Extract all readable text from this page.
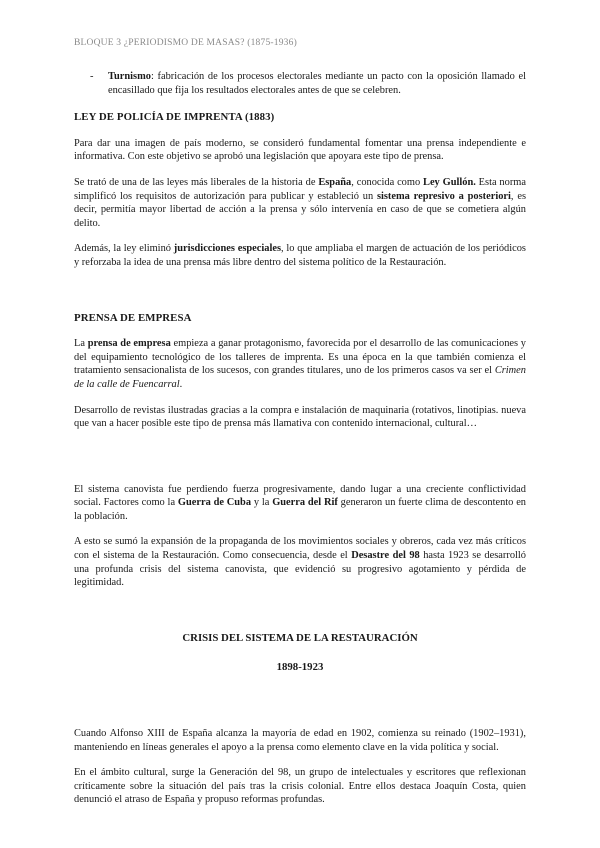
BLOQUE 3 ¿PERIODISMO DE MASAS? (1875-1936)
-	Turnismo: fabricación de los procesos electorales mediante un pacto con la oposición llamado el encasillado que fija los resultados electorales antes de que se celebren.
LEY DE POLICÍA DE IMPRENTA (1883)

Para dar una imagen de país moderno, se consideró fundamental fomentar una prensa independiente e informativa. Con este objetivo se aprobó una legislación que apoyara este tipo de prensa.

Se trató de una de las leyes más liberales de la historia de España, conocida como Ley Gullón. Esta norma simplificó los requisitos de autorización para publicar y estableció un sistema represivo a posteriori, es decir, permitía mayor libertad de acción a la prensa y sólo intervenía en caso de que se cometiera algún delito.

Además, la ley eliminó jurisdicciones especiales, lo que ampliaba el margen de actuación de los periódicos y reforzaba la idea de una prensa más libre dentro del sistema político de la Restauración.

PRENSA DE EMPRESA

La prensa de empresa empieza a ganar protagonismo, favorecida por el desarrollo de las comunicaciones y del equipamiento tecnológico de los talleres de imprenta. Es una época en la que también comienza el tratamiento sensacionalista de los sucesos, con grandes titulares, uno de los primeros casos va ser el Crimen de la calle de Fuencarral.

Desarrollo de revistas ilustradas gracias a la compra e instalación de maquinaria (rotativos, linotipias. nueva que van a hacer posible este tipo de prensa más llamativa con contenido internacional, cultural…

El sistema canovista fue perdiendo fuerza progresivamente, dando lugar a una creciente conflictividad social. Factores como la Guerra de Cuba y la Guerra del Rif generaron un fuerte clima de descontento en la población.

A esto se sumó la expansión de la propaganda de los movimientos sociales y obreros, cada vez más críticos con el sistema de la Restauración. Como consecuencia, desde el Desastre del 98 hasta 1923 se desarrolló una profunda crisis del sistema canovista, que evidenció su progresivo agotamiento y pérdida de legitimidad.

CRISIS DEL SISTEMA DE LA RESTAURACIÓN
1898-1923

Cuando Alfonso XIII de España alcanza la mayoría de edad en 1902, comienza su reinado (1902–1931), manteniendo en líneas generales el apoyo a la prensa como elemento clave en la vida política y social.

En el ámbito cultural, surge la Generación del 98, un grupo de intelectuales y escritores que reflexionan críticamente sobre la situación del país tras la crisis colonial. Entre ellos destaca Joaquín Costa, quien denunció el atraso de España y propuso reformas profundas.
